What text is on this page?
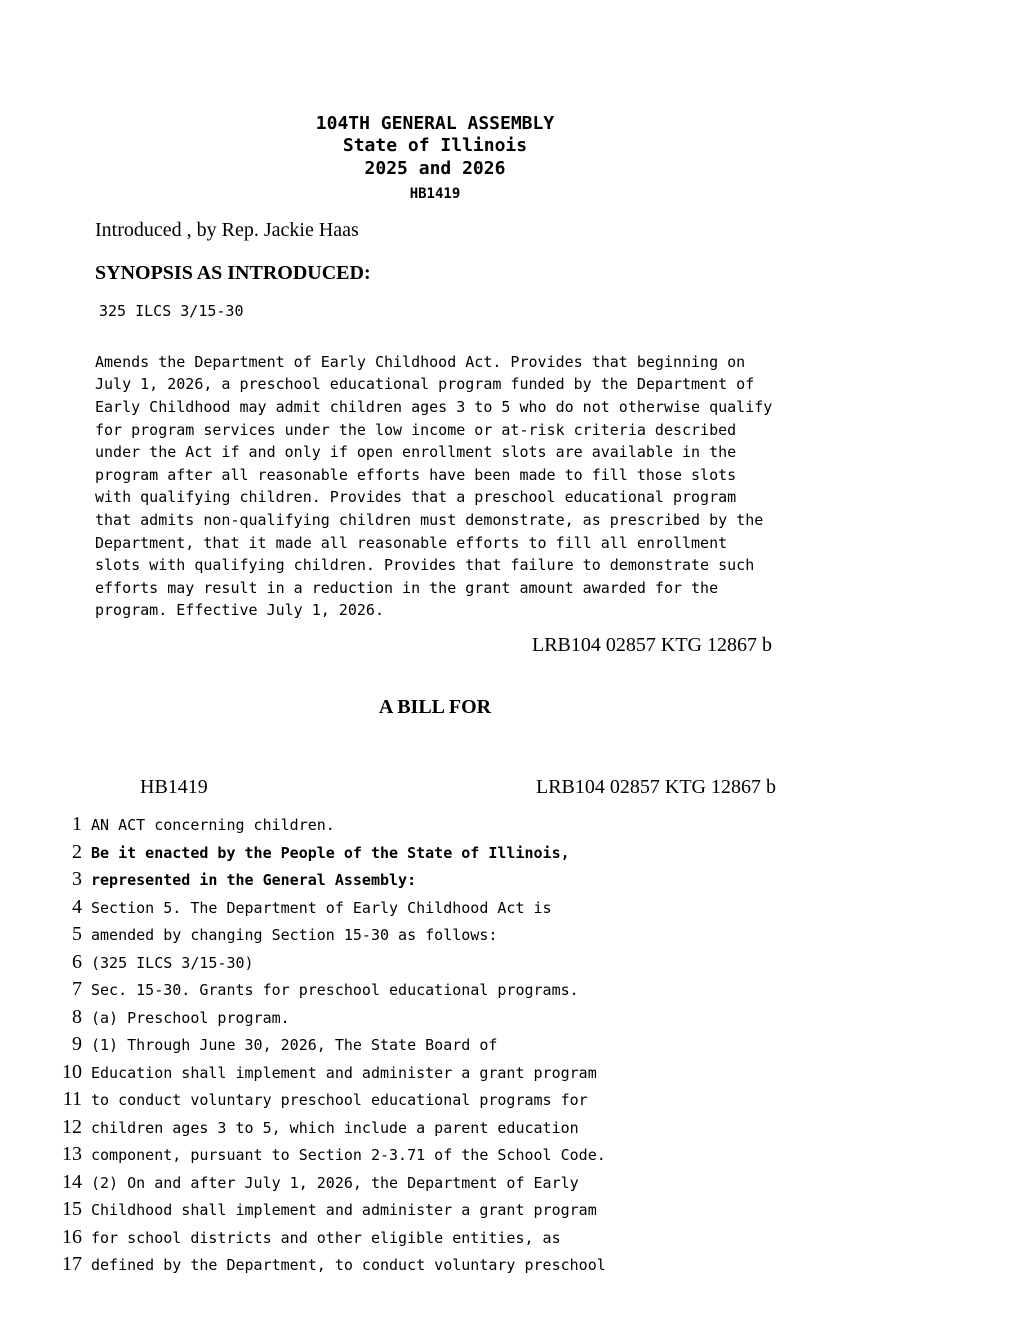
104TH GENERAL ASSEMBLY
State of Illinois
2025 and 2026
HB1419
Introduced , by Rep. Jackie Haas
SYNOPSIS AS INTRODUCED:
325 ILCS 3/15-30
Amends the Department of Early Childhood Act. Provides that beginning on
July 1, 2026, a preschool educational program funded by the Department of
Early Childhood may admit children ages 3 to 5 who do not otherwise qualify
for program services under the low income or at-risk criteria described
under the Act if and only if open enrollment slots are available in the
program after all reasonable efforts have been made to fill those slots
with qualifying children. Provides that a preschool educational program
that admits non-qualifying children must demonstrate, as prescribed by the
Department, that it made all reasonable efforts to fill all enrollment
slots with qualifying children. Provides that failure to demonstrate such
efforts may result in a reduction in the grant amount awarded for the
program. Effective July 1, 2026.
LRB104 02857 KTG 12867 b
A BILL FOR
HB1419	LRB104 02857 KTG 12867 b
1 AN ACT concerning children.
2 Be it enacted by the People of the State of Illinois,
3 represented in the General Assembly:
4 Section 5. The Department of Early Childhood Act is
5 amended by changing Section 15-30 as follows:
6 (325 ILCS 3/15-30)
7 Sec. 15-30. Grants for preschool educational programs.
8 (a) Preschool program.
9 (1) Through June 30, 2026, The State Board of
10 Education shall implement and administer a grant program
11 to conduct voluntary preschool educational programs for
12 children ages 3 to 5, which include a parent education
13 component, pursuant to Section 2-3.71 of the School Code.
14 (2) On and after July 1, 2026, the Department of Early
15 Childhood shall implement and administer a grant program
16 for school districts and other eligible entities, as
17 defined by the Department, to conduct voluntary preschool
